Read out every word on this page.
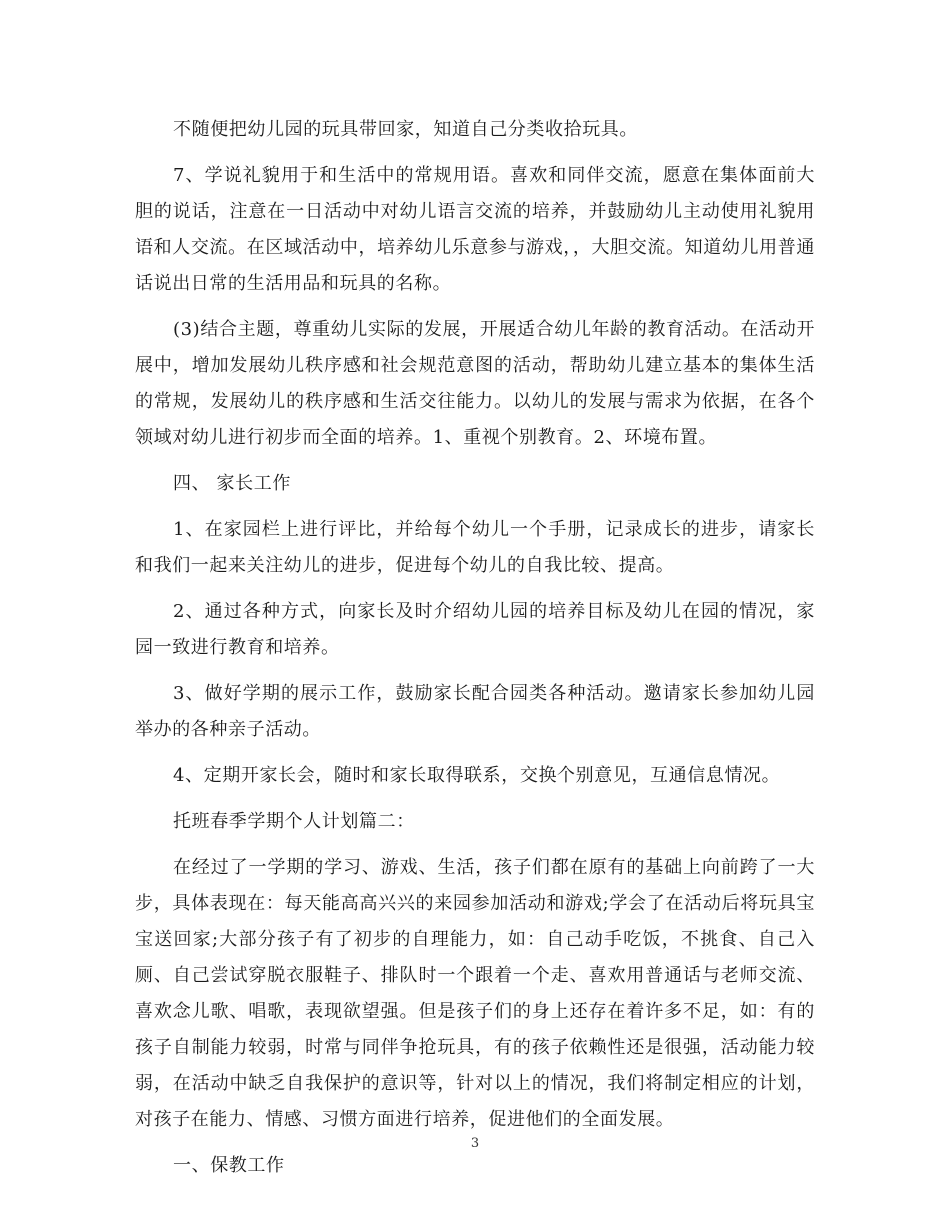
不随便把幼儿园的玩具带回家，知道自己分类收拾玩具。

7、学说礼貌用于和生活中的常规用语。喜欢和同伴交流，愿意在集体面前大胆的说话，注意在一日活动中对幼儿语言交流的培养，并鼓励幼儿主动使用礼貌用语和人交流。在区域活动中，培养幼儿乐意参与游戏，，大胆交流。知道幼儿用普通话说出日常的生活用品和玩具的名称。

(3)结合主题，尊重幼儿实际的发展，开展适合幼儿年龄的教育活动。在活动开展中，增加发展幼儿秩序感和社会规范意图的活动，帮助幼儿建立基本的集体生活的常规，发展幼儿的秩序感和生活交往能力。以幼儿的发展与需求为依据，在各个领域对幼儿进行初步而全面的培养。1、重视个别教育。2、环境布置。

四、 家长工作

1、在家园栏上进行评比，并给每个幼儿一个手册，记录成长的进步，请家长和我们一起来关注幼儿的进步，促进每个幼儿的自我比较、提高。

2、通过各种方式，向家长及时介绍幼儿园的培养目标及幼儿在园的情况，家园一致进行教育和培养。

3、做好学期的展示工作，鼓励家长配合园类各种活动。邀请家长参加幼儿园举办的各种亲子活动。

4、定期开家长会，随时和家长取得联系，交换个别意见，互通信息情况。

托班春季学期个人计划篇二：

在经过了一学期的学习、游戏、生活，孩子们都在原有的基础上向前跨了一大步，具体表现在：每天能高高兴兴的来园参加活动和游戏;学会了在活动后将玩具宝宝送回家;大部分孩子有了初步的自理能力，如：自己动手吃饭，不挑食、自己入厕、自己尝试穿脱衣服鞋子、排队时一个跟着一个走、喜欢用普通话与老师交流、喜欢念儿歌、唱歌，表现欲望强。但是孩子们的身上还存在着许多不足，如：有的孩子自制能力较弱，时常与同伴争抢玩具，有的孩子依赖性还是很强，活动能力较弱，在活动中缺乏自我保护的意识等，针对以上的情况，我们将制定相应的计划，对孩子在能力、情感、习惯方面进行培养，促进他们的全面发展。

一、保教工作

3
